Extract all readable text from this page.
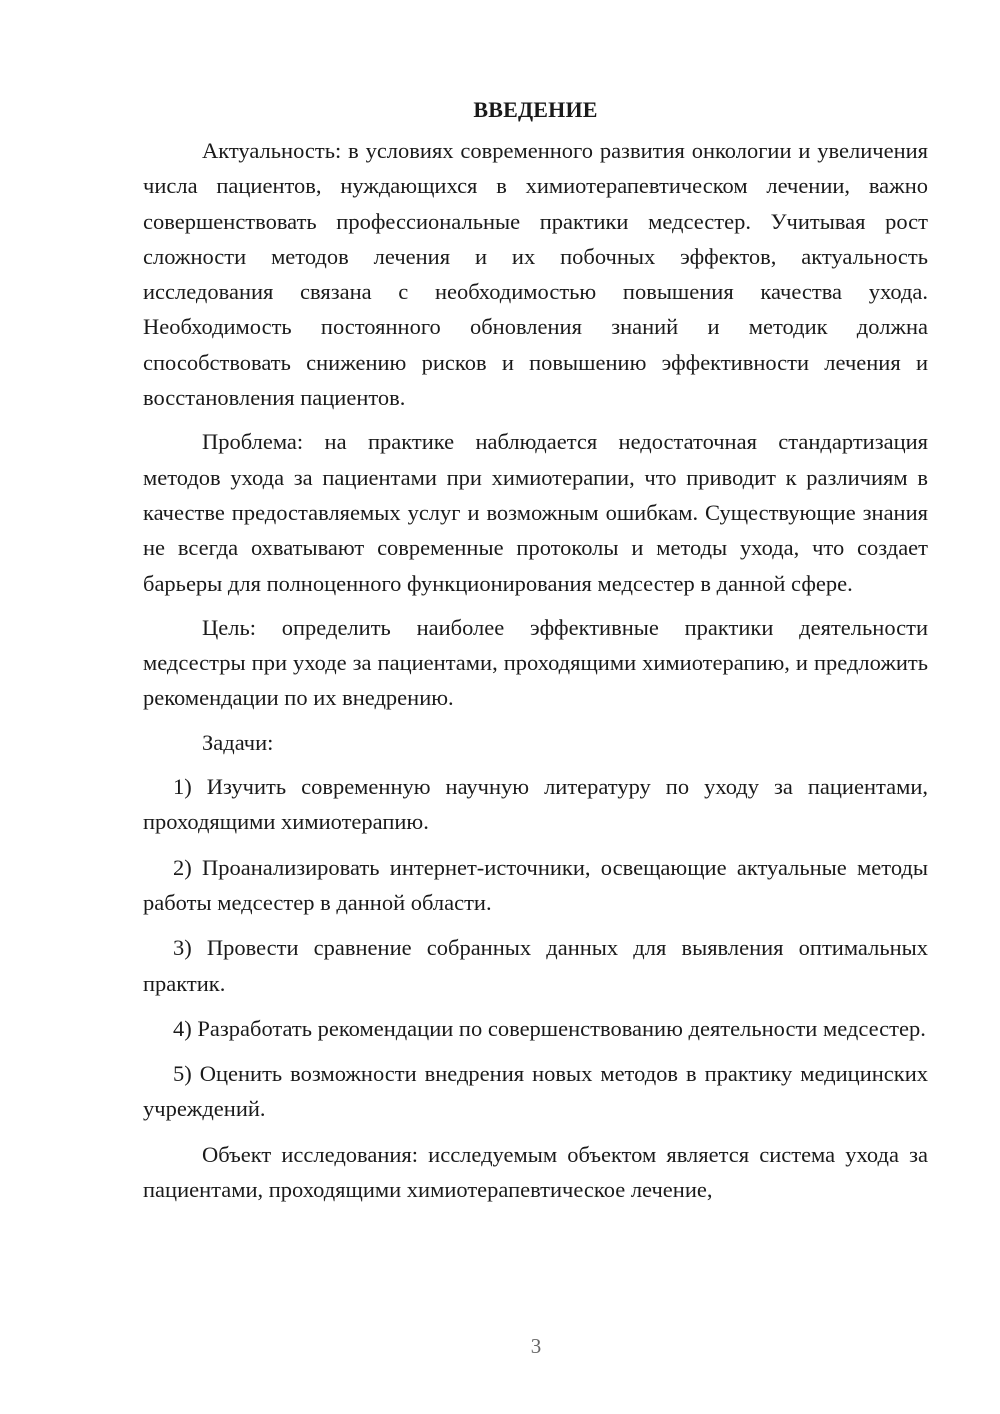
ВВЕДЕНИЕ

Актуальность: в условиях современного развития онкологии и увеличения числа пациентов, нуждающихся в химиотерапевтическом лечении, важно совершенствовать профессиональные практики медсестер. Учитывая рост сложности методов лечения и их побочных эффектов, актуальность исследования связана с необходимостью повышения качества ухода. Необходимость постоянного обновления знаний и методик должна способствовать снижению рисков и повышению эффективности лечения и восстановления пациентов.

Проблема: на практике наблюдается недостаточная стандартизация методов ухода за пациентами при химиотерапии, что приводит к различиям в качестве предоставляемых услуг и возможным ошибкам. Существующие знания не всегда охватывают современные протоколы и методы ухода, что создает барьеры для полноценного функционирования медсестер в данной сфере.

Цель: определить наиболее эффективные практики деятельности медсестры при уходе за пациентами, проходящими химиотерапию, и предложить рекомендации по их внедрению.

Задачи:

1) Изучить современную научную литературу по уходу за пациентами, проходящими химиотерапию.

2) Проанализировать интернет-источники, освещающие актуальные методы работы медсестер в данной области.

3) Провести сравнение собранных данных для выявления оптимальных практик.

4) Разработать рекомендации по совершенствованию деятельности медсестер.

5) Оценить возможности внедрения новых методов в практику медицинских учреждений.

Объект исследования: исследуемым объектом является система ухода за пациентами, проходящими химиотерапевтическое лечение,

3
